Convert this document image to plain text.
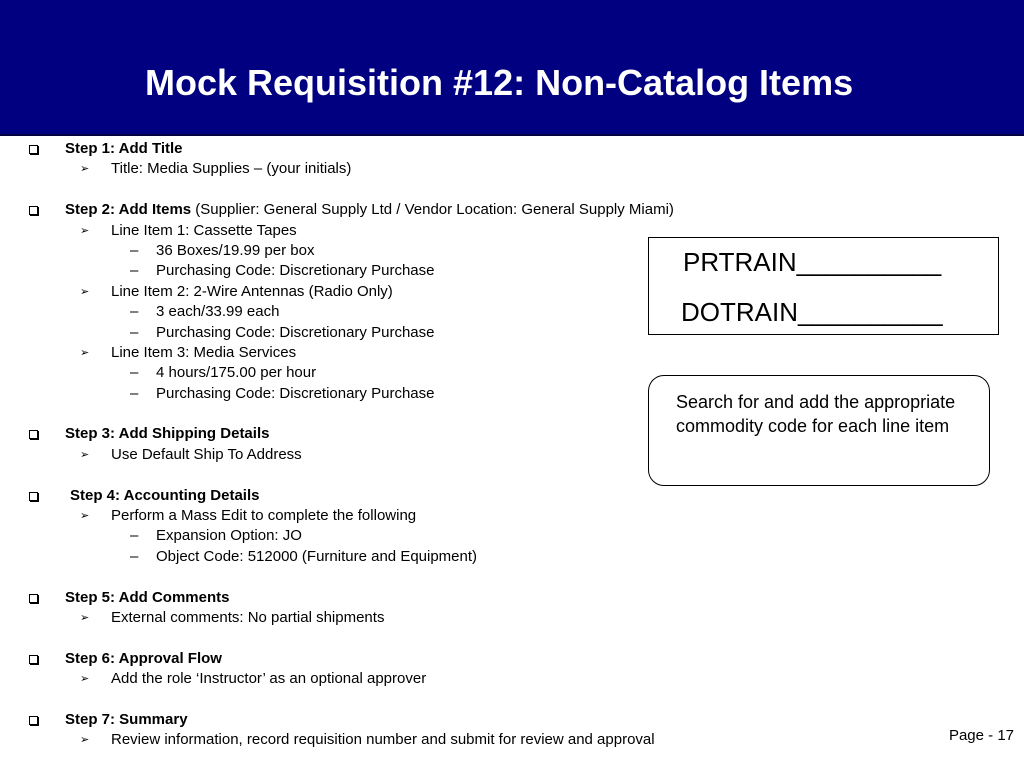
Mock Requisition #12: Non-Catalog Items
Step 1: Add Title
➢ Title: Media Supplies – (your initials)
Step 2: Add Items (Supplier: General Supply Ltd / Vendor Location: General Supply Miami)
➢ Line Item 1: Cassette Tapes
– 36 Boxes/19.99 per box
– Purchasing Code: Discretionary Purchase
➢ Line Item 2: 2-Wire Antennas (Radio Only)
– 3 each/33.99 each
– Purchasing Code: Discretionary Purchase
➢ Line Item 3: Media Services
– 4 hours/175.00 per hour
– Purchasing Code: Discretionary Purchase
Step 3: Add Shipping Details
➢ Use Default Ship To Address
Step 4: Accounting Details
➢ Perform a Mass Edit to complete the following
– Expansion Option: JO
– Object Code: 512000 (Furniture and Equipment)
Step 5: Add Comments
➢ External comments: No partial shipments
Step 6: Approval Flow
➢ Add the role ‘Instructor’ as an optional approver
Step 7: Summary
➢ Review information, record requisition number and submit for review and approval
PRTRAIN__________
DOTRAIN__________
Search for and add the appropriate commodity code for each line item
Page - 17
